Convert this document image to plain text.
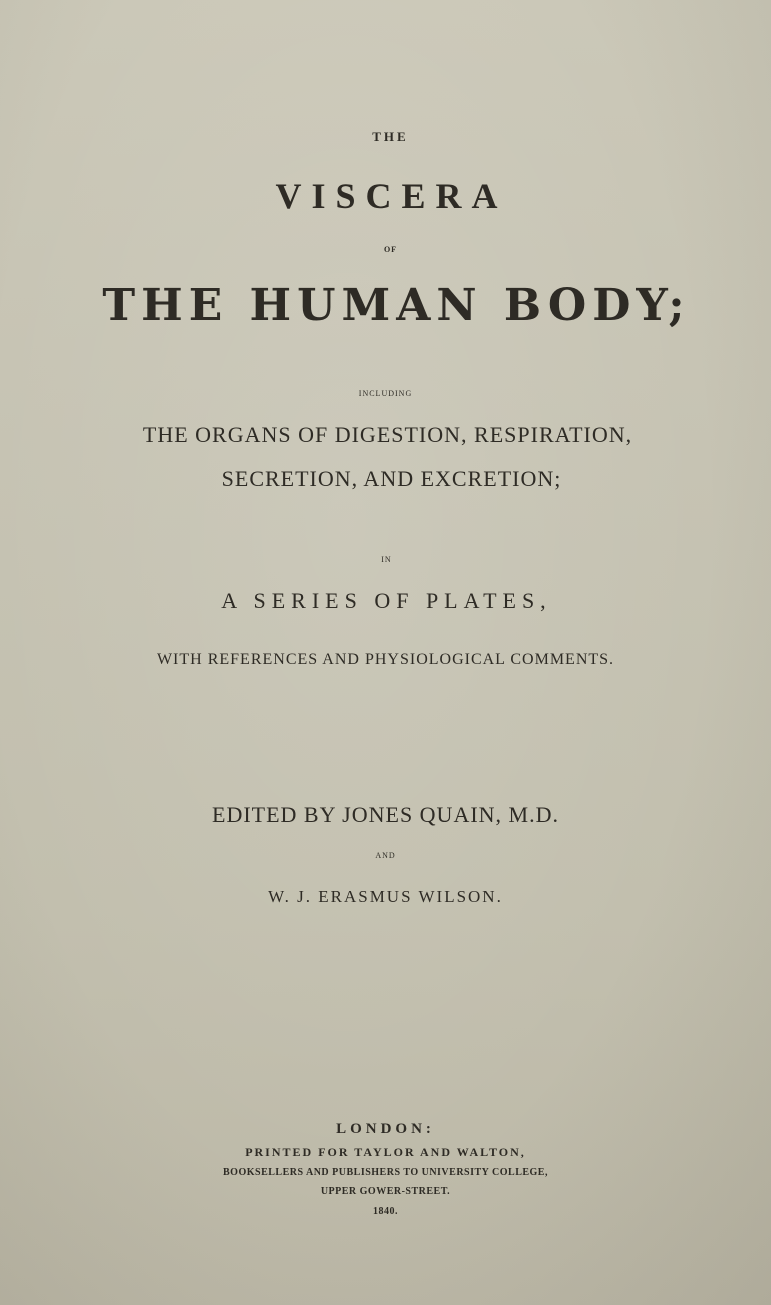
THE
VISCERA
OF
THE HUMAN BODY;
INCLUDING
THE ORGANS OF DIGESTION, RESPIRATION,
SECRETION, AND EXCRETION;
IN
A SERIES OF PLATES,
WITH REFERENCES AND PHYSIOLOGICAL COMMENTS.
EDITED BY JONES QUAIN, M.D.
AND
W. J. ERASMUS WILSON.
LONDON:
PRINTED FOR TAYLOR AND WALTON,
BOOKSELLERS AND PUBLISHERS TO UNIVERSITY COLLEGE,
UPPER GOWER-STREET.
1840.
